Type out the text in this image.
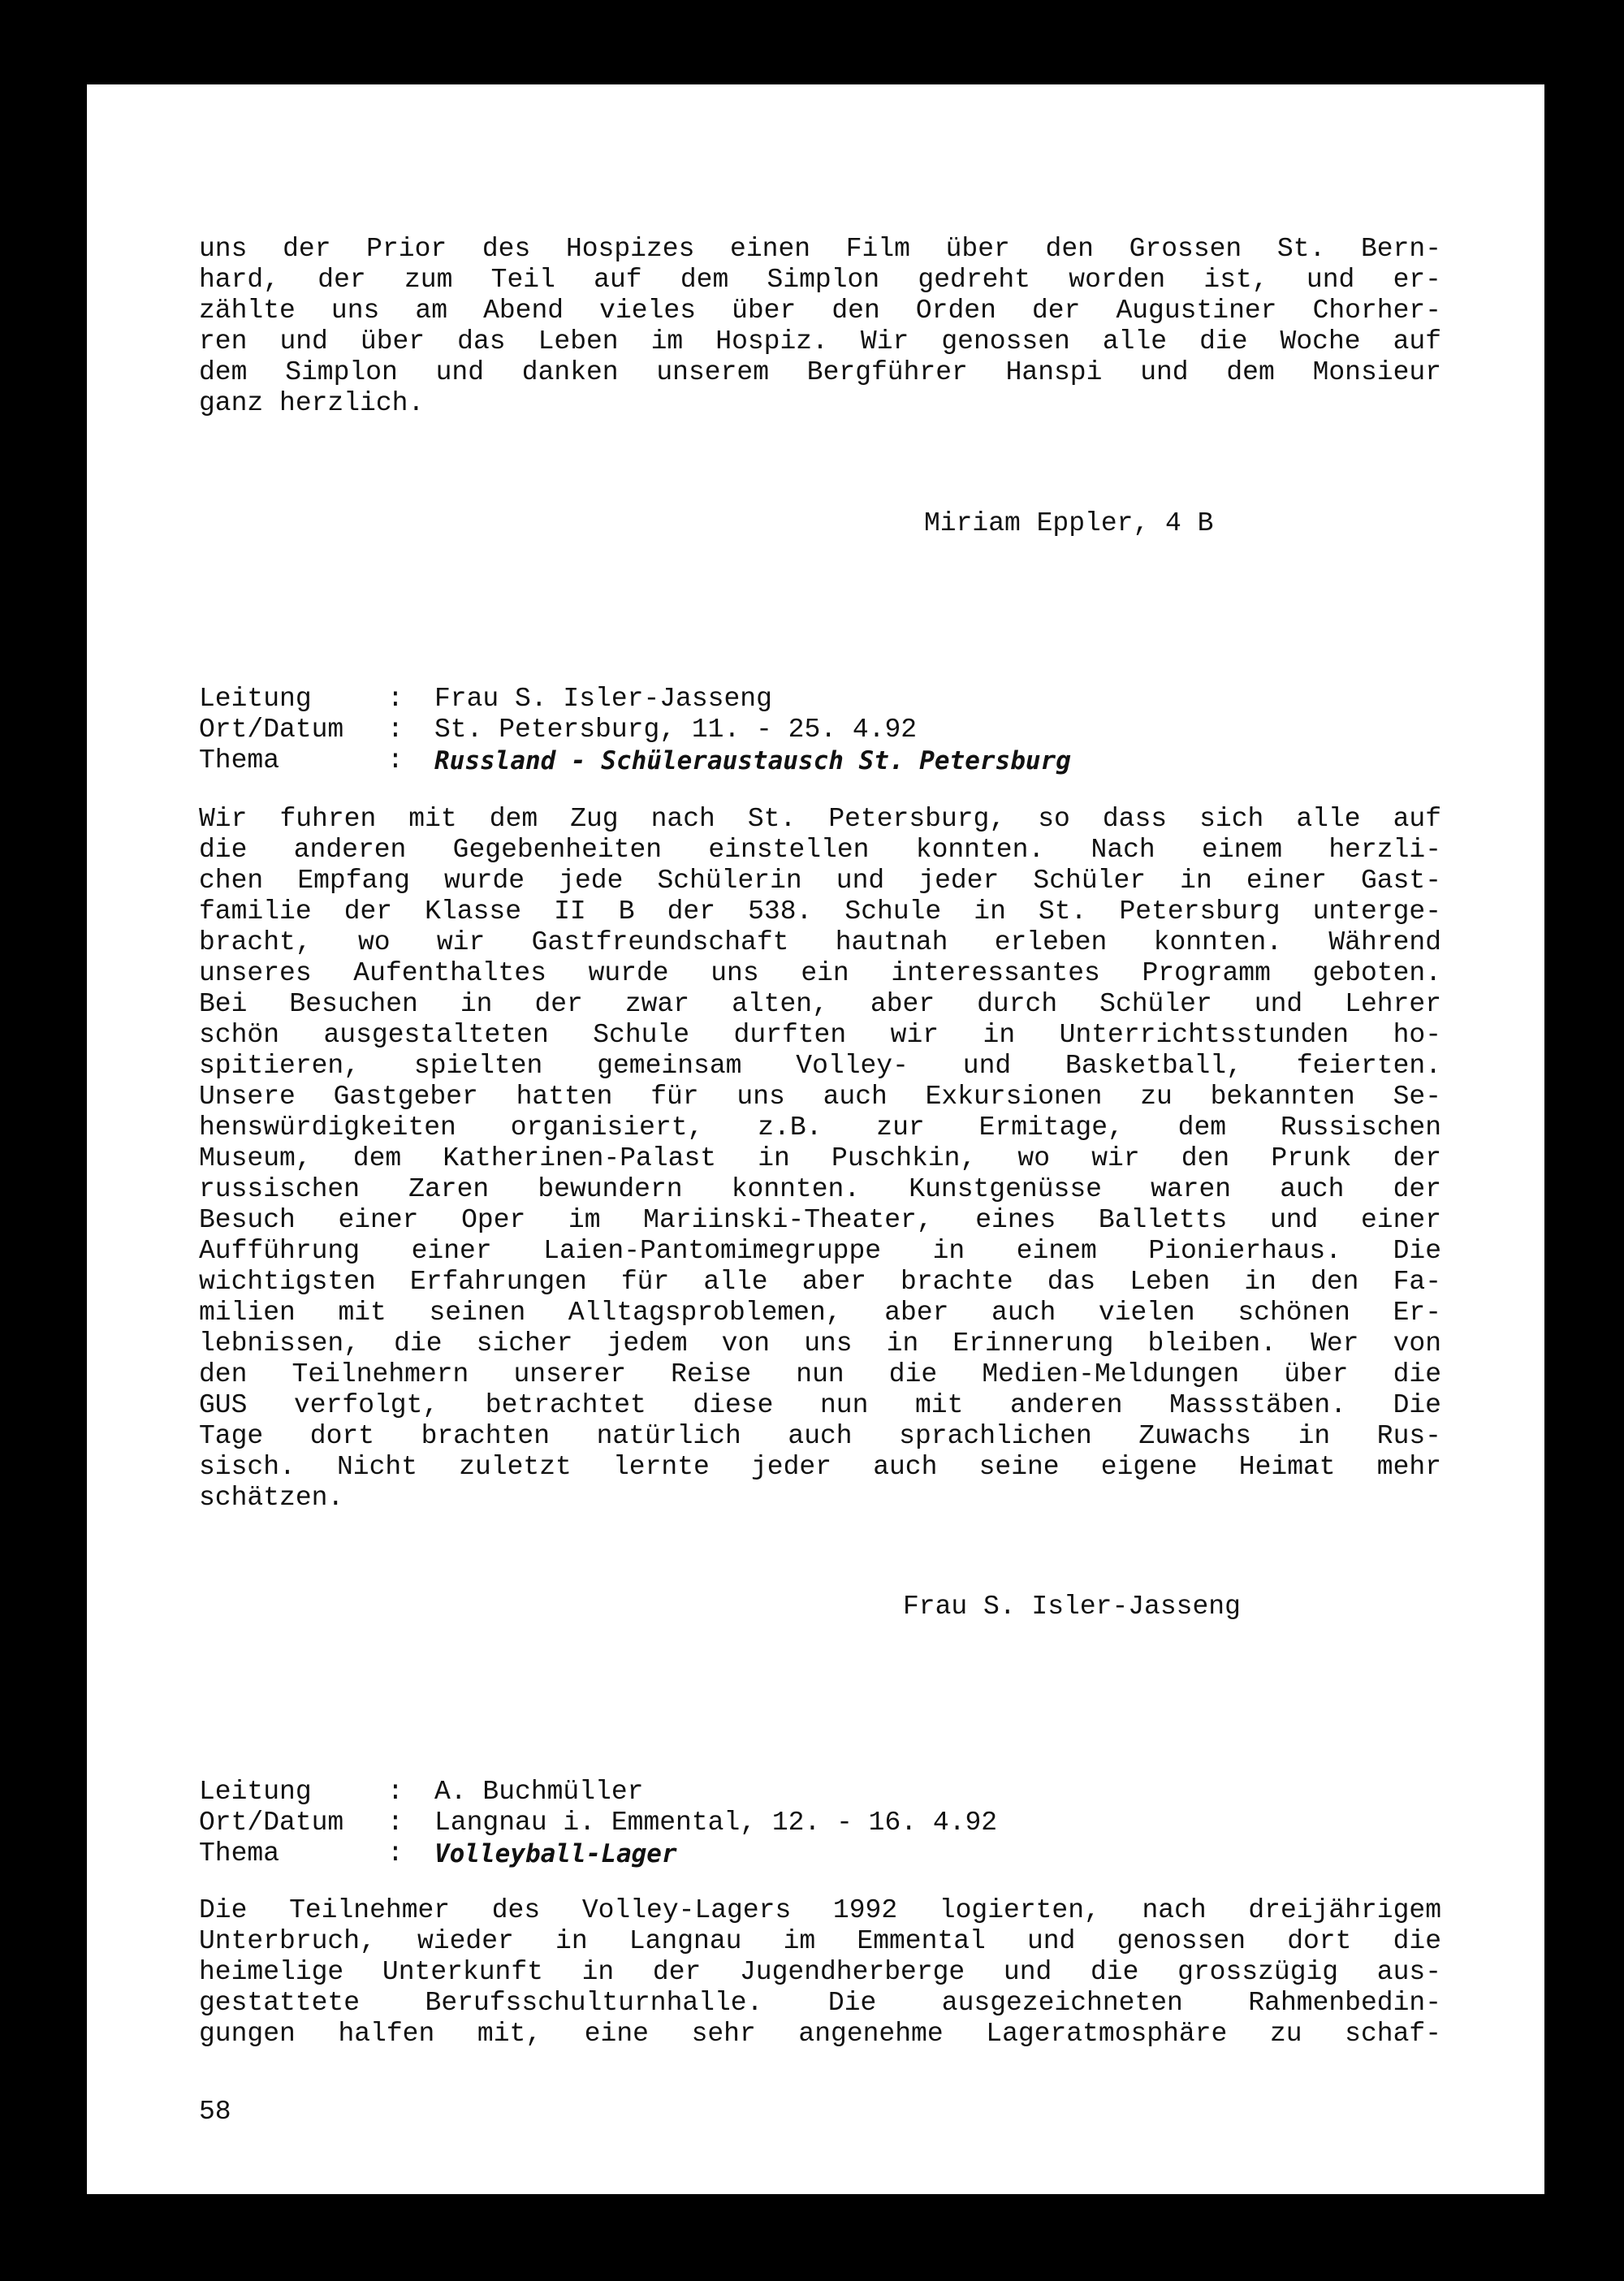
uns der Prior des Hospizes einen Film über den Grossen St. Bern-
hard, der zum Teil auf dem Simplon gedreht worden ist, und er-
zählte uns am Abend vieles über den Orden der Augustiner Chorher-
ren und über das Leben im Hospiz. Wir genossen alle die Woche auf
dem Simplon und danken unserem Bergführer Hanspi und dem Monsieur
ganz herzlich.
Miriam Eppler, 4 B
Leitung	:	Frau S. Isler-Jasseng
Ort/Datum	:	St. Petersburg, 11. - 25. 4.92
Thema	:	Russland - Schüleraustausch St. Petersburg
Wir fuhren mit dem Zug nach St. Petersburg, so dass sich alle auf
die anderen Gegebenheiten einstellen konnten. Nach einem herzli-
chen Empfang wurde jede Schülerin und jeder Schüler in einer Gast-
familie der Klasse II B der 538. Schule in St. Petersburg unterge-
bracht, wo wir Gastfreundschaft hautnah erleben konnten. Während
unseres Aufenthaltes wurde uns ein interessantes Programm geboten.
Bei Besuchen in der zwar alten, aber durch Schüler und Lehrer
schön ausgestalteten Schule durften wir in Unterrichtsstunden ho-
spitieren, spielten gemeinsam Volley- und Basketball, feierten.
Unsere Gastgeber hatten für uns auch Exkursionen zu bekannten Se-
henswürdigkeiten organisiert, z.B. zur Ermitage, dem Russischen
Museum, dem Katherinen-Palast in Puschkin, wo wir den Prunk der
russischen Zaren bewundern konnten. Kunstgenüsse waren auch der
Besuch einer Oper im Mariinski-Theater, eines Balletts und einer
Aufführung einer Laien-Pantomimegruppe in einem Pionierhaus. Die
wichtigsten Erfahrungen für alle aber brachte das Leben in den Fa-
milien mit seinen Alltagsproblemen, aber auch vielen schönen Er-
lebnissen, die sicher jedem von uns in Erinnerung bleiben. Wer von
den Teilnehmern unserer Reise nun die Medien-Meldungen über die
GUS verfolgt, betrachtet diese nun mit anderen Massstäben. Die
Tage dort brachten natürlich auch sprachlichen Zuwachs in Rus-
sisch. Nicht zuletzt lernte jeder auch seine eigene Heimat mehr
schätzen.
Frau S. Isler-Jasseng
Leitung	:	A. Buchmüller
Ort/Datum	:	Langnau i. Emmental, 12. - 16. 4.92
Thema	:	Volleyball-Lager
Die Teilnehmer des Volley-Lagers 1992 logierten, nach dreijährigem
Unterbruch, wieder in Langnau im Emmental und genossen dort die
heimelige Unterkunft in der Jugendherberge und die grosszügig aus-
gestattete Berufsschulturnhalle. Die ausgezeichneten Rahmenbedin-
gungen halfen mit, eine sehr angenehme Lageratmosphäre zu schaf-
58
